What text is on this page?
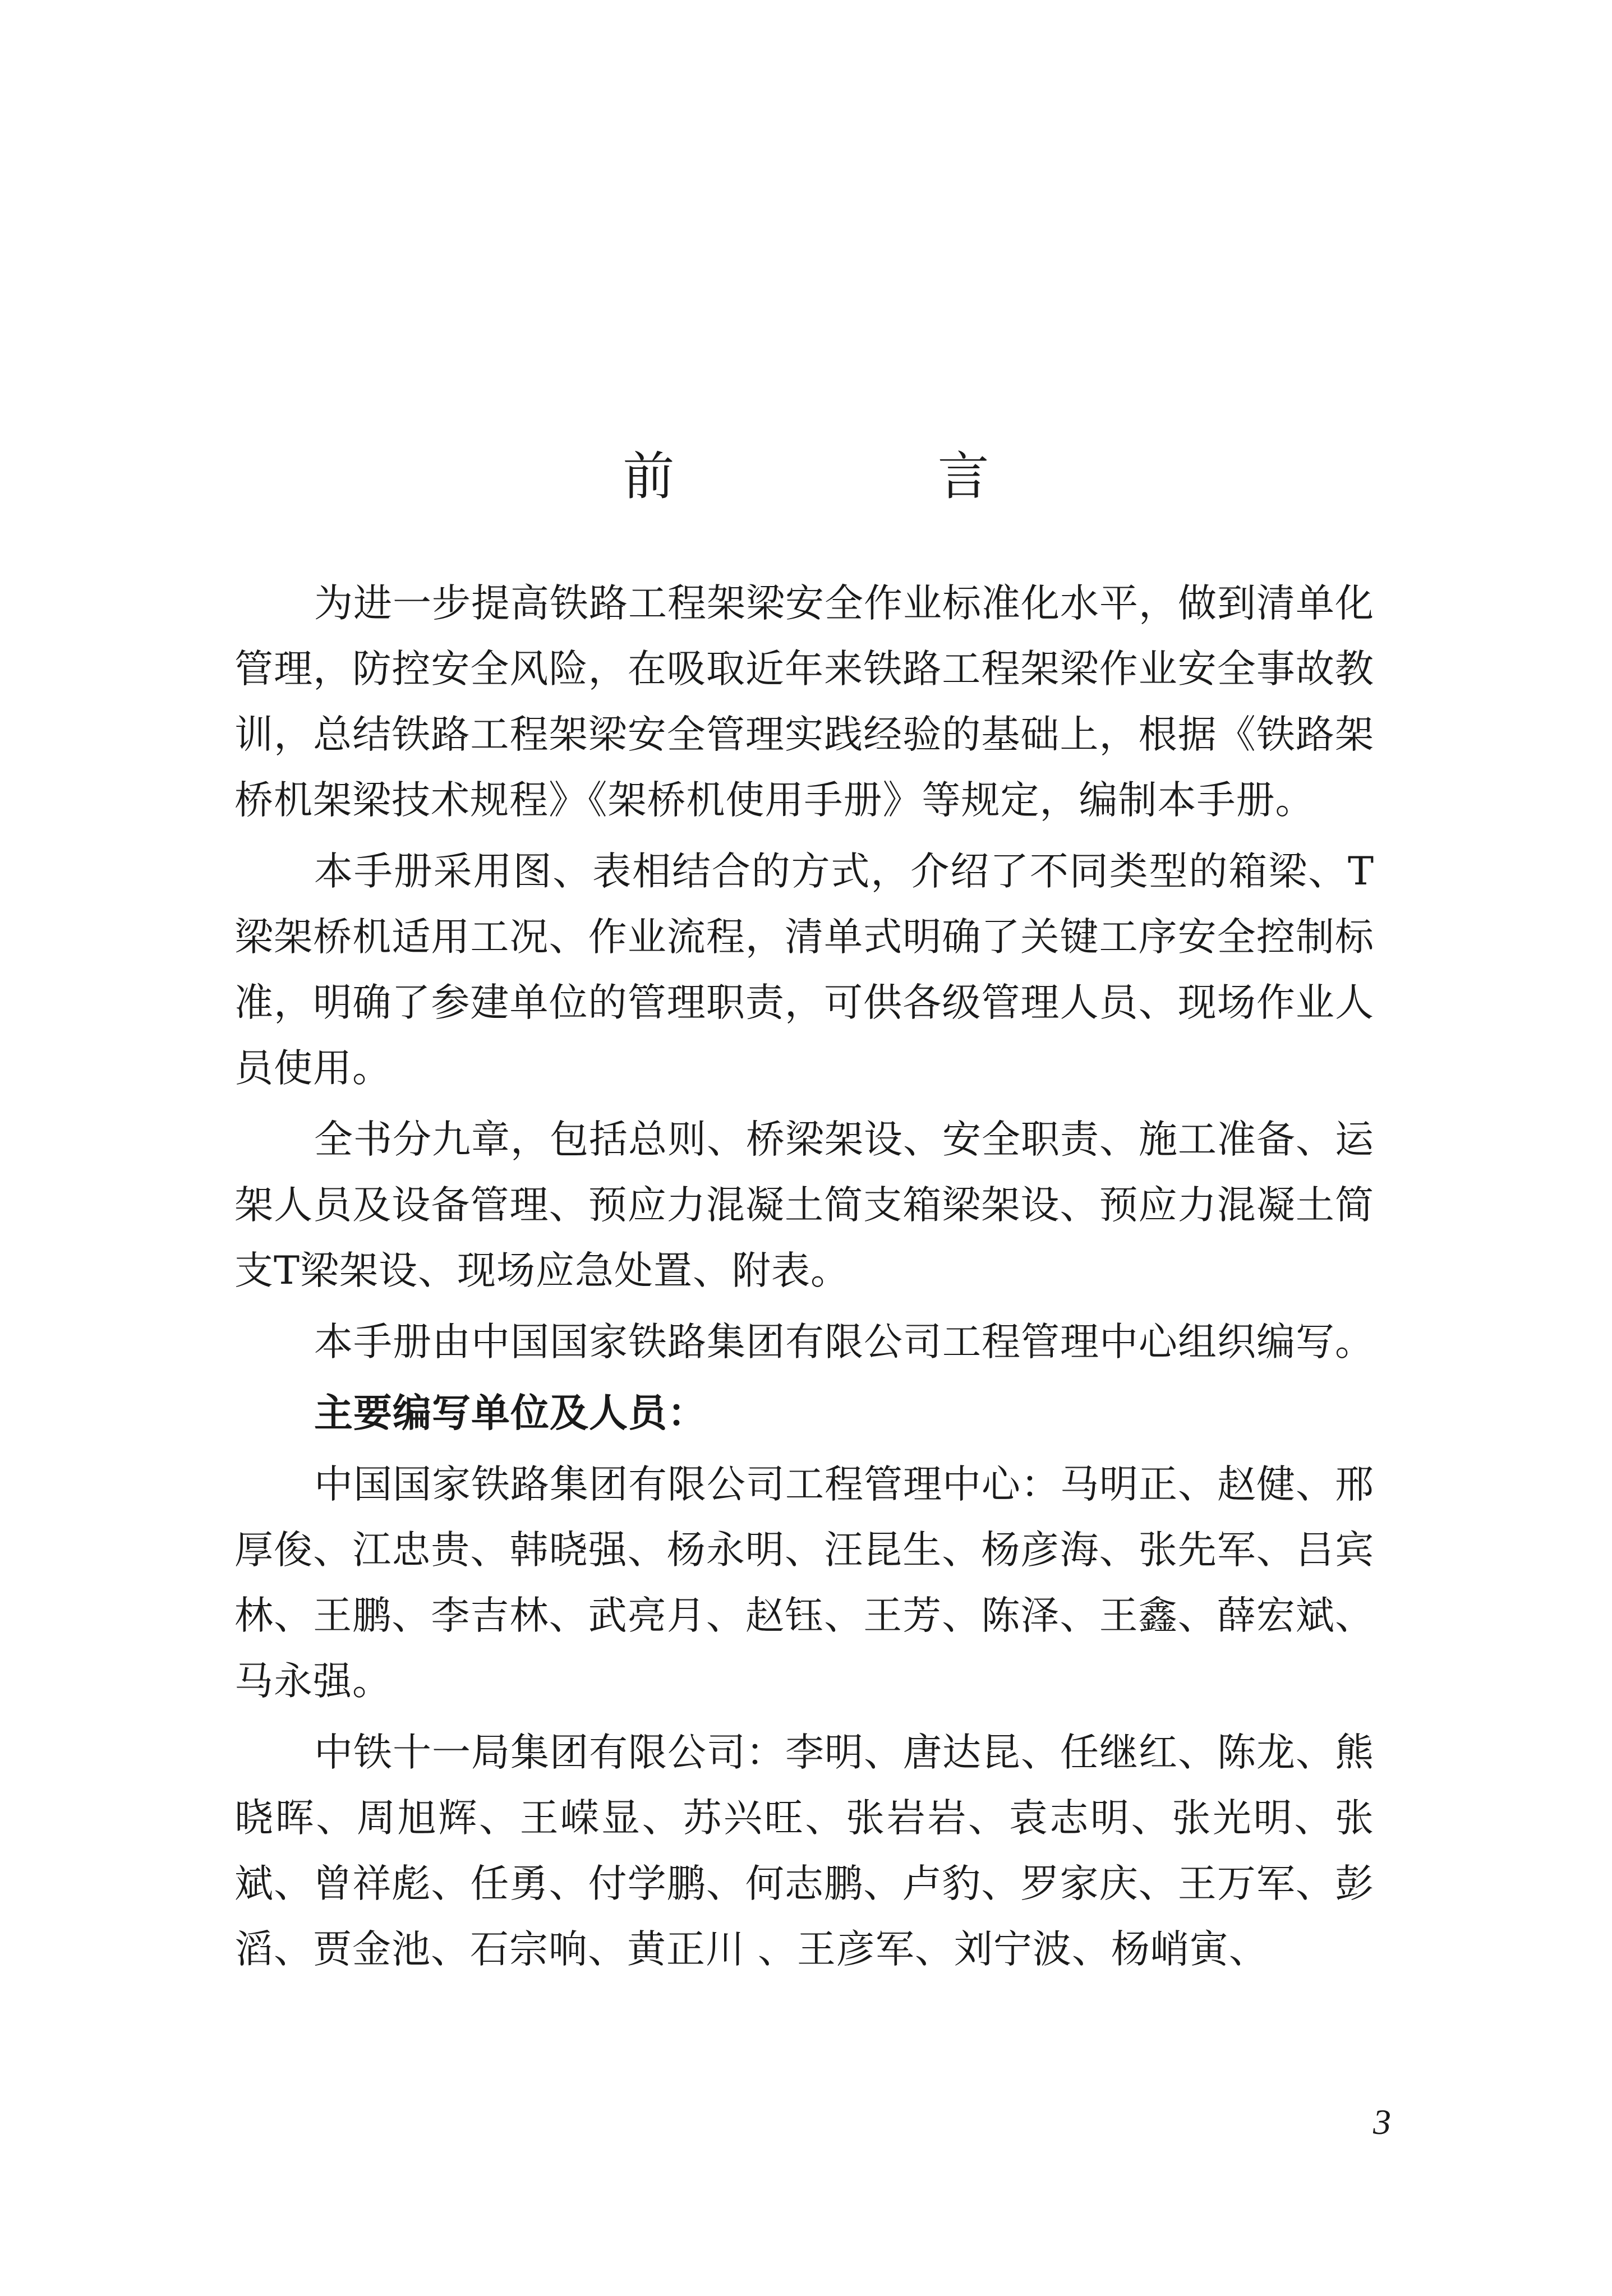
前 言

为进一步提高铁路工程架梁安全作业标准化水平，做到清单化管理，防控安全风险，在吸取近年来铁路工程架梁作业安全事故教训，总结铁路工程架梁安全管理实践经验的基础上，根据《铁路架桥机架梁技术规程》《架桥机使用手册》等规定，编制本手册。

本手册采用图、表相结合的方式，介绍了不同类型的箱梁、T梁架桥机适用工况、作业流程，清单式明确了关键工序安全控制标准，明确了参建单位的管理职责，可供各级管理人员、现场作业人员使用。

全书分九章，包括总则、桥梁架设、安全职责、施工准备、运架人员及设备管理、预应力混凝土简支箱梁架设、预应力混凝土简支T梁架设、现场应急处置、附表。

本手册由中国国家铁路集团有限公司工程管理中心组织编写。

主要编写单位及人员：

中国国家铁路集团有限公司工程管理中心：马明正、赵健、邢厚俊、江忠贵、韩晓强、杨永明、汪昆生、杨彦海、张先军、吕宾林、王鹏、李吉林、武亮月、赵钰、王芳、陈泽、王鑫、薛宏斌、马永强。

中铁十一局集团有限公司：李明、唐达昆、任继红、陈龙、熊晓晖、周旭辉、王嵘显、苏兴旺、张岩岩、袁志明、张光明、张斌、曾祥彪、任勇、付学鹏、何志鹏、卢豹、罗家庆、王万军、彭滔、贾金池、石宗响、黄正川 、王彦军、刘宁波、杨峭寅、

3
